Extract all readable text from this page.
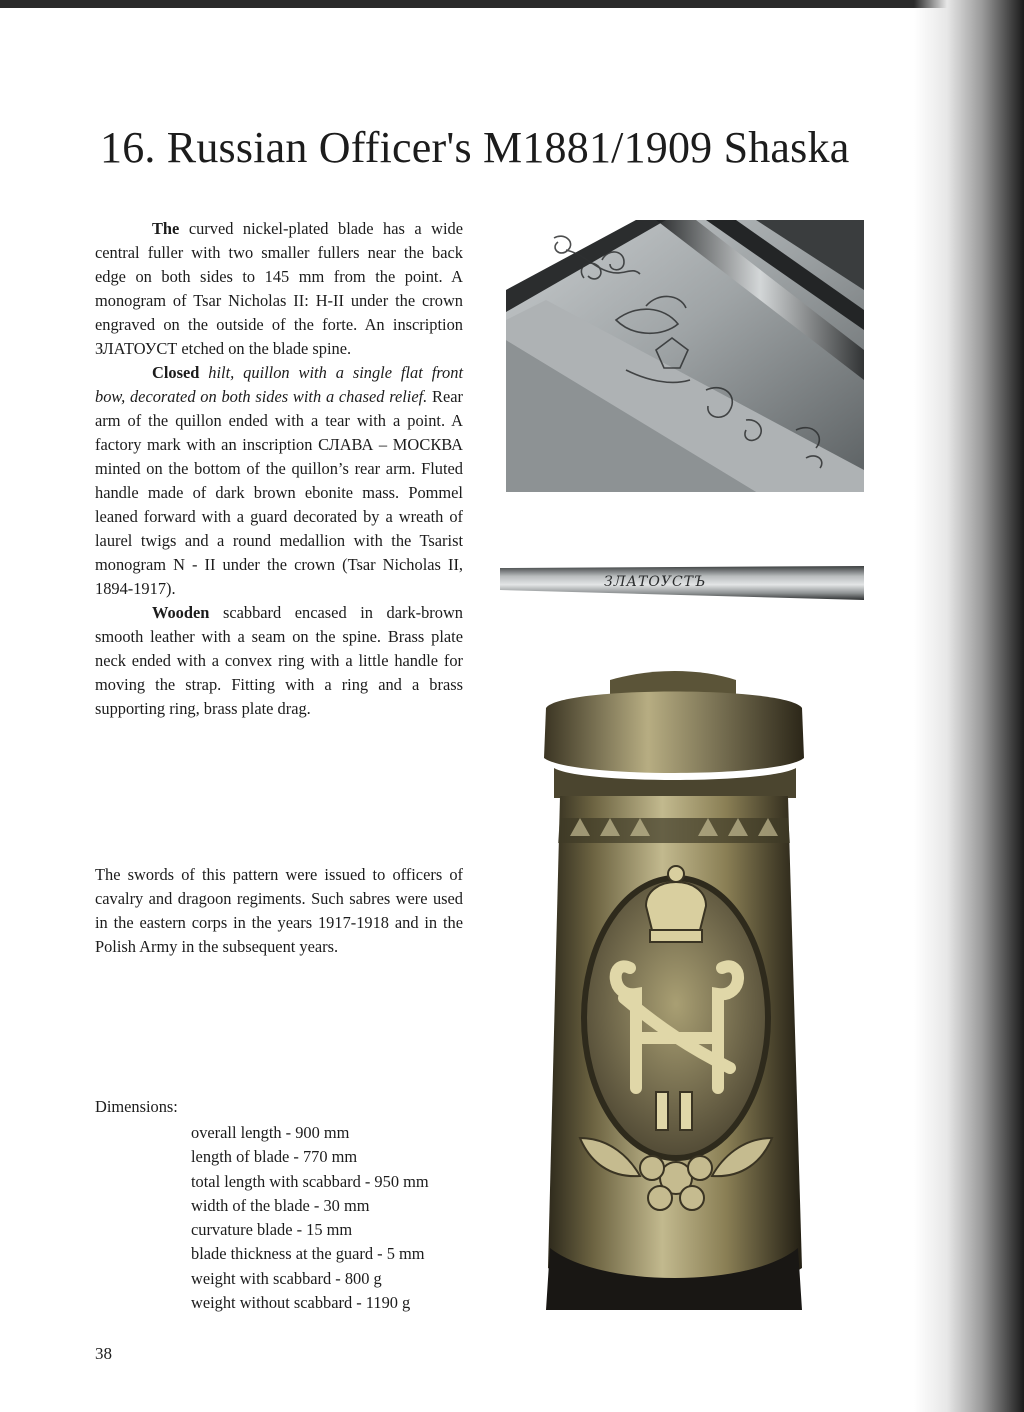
16. Russian Officer's M1881/1909 Shaska

The curved nickel-plated blade has a wide central fuller with two smaller fullers near the back edge on both sides to 145 mm from the point. A monogram of Tsar Nicholas II: H-II under the crown engraved on the outside of the forte. An inscription ЗЛАТОУСТ etched on the blade spine.

Closed hilt, quillon with a single flat front bow, decorated on both sides with a chased relief. Rear arm of the quillon ended with a tear with a point. A factory mark with an inscription СЛАВА – МОСКВА minted on the bottom of the quillon’s rear arm. Fluted handle made of dark brown ebonite mass. Pommel leaned forward with a guard decorated by a wreath of laurel twigs and a round medallion with the Tsarist monogram N - II under the crown (Tsar Nicholas II, 1894-1917).

Wooden scabbard encased in dark-brown smooth leather with a seam on the spine. Brass plate neck ended with a convex ring with a little handle for moving the strap. Fitting with a ring and a brass supporting ring, brass plate drag.

The swords of this pattern were issued to officers of cavalry and dragoon regiments. Such sabres were used in the eastern corps in the years 1917-1918 and in the Polish Army in the subsequent years.

Dimensions:
overall length - 900 mm
length of blade - 770 mm
total length with scabbard - 950 mm
width of the blade - 30 mm
curvature blade - 15 mm
blade thickness at the guard - 5 mm
weight with scabbard - 800 g
weight without scabbard - 1190 g
38
ЗЛАТОУСТЪ
